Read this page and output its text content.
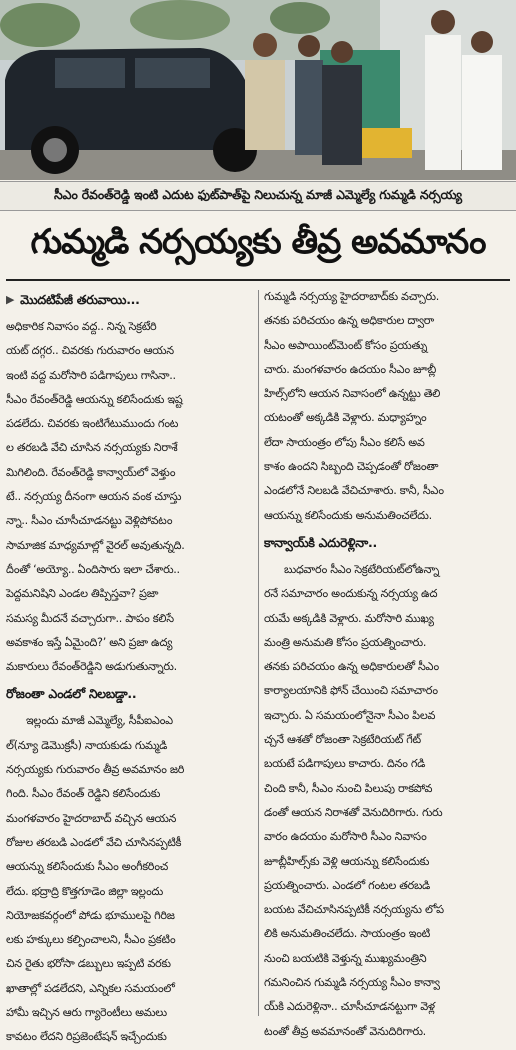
సీఎం రేవంత్‌రెడ్డి ఇంటి ఎదుట ఫుట్‌పాత్‌పై నిలుచున్న మాజీ ఎమ్మెల్యే గుమ్మడి నర్సయ్య
గుమ్మడి నర్సయ్యకు తీవ్ర అవమానం
▶ మొదటిపేజీ తరువాయి...
అధికారిక నివాసం వద్ద.. నిన్న సెక్రటేరి
యట్ దగ్గర.. చివరకు గురువారం ఆయన
ఇంటి వద్ద మరోసారి పడిగాపులు గాసినా..
సీఎం రేవంత్‌రెడ్డి ఆయన్ను కలిసేందుకు ఇష్ట
పడలేదు. చివరకు ఇంటిగేటుముందు గంట
ల తరబడి వేచి చూసిన నర్సయ్యకు నిరాశే
మిగిలింది. రేవంత్‌రెడ్డి కాన్వాయ్‌లో వెళ్తుం
టే.. నర్సయ్య దీనంగా ఆయన వంక చూస్తు
న్నా.. సీఎం చూసీచూడనట్టు వెళ్లిపోవటం
సామాజిక మాధ్యమాల్లో వైరల్ అవుతున్నది.
దీంతో ‘అయ్యో.. ఏందిసారు ఇలా చేశారు..
పెద్దమనిషిని ఎండల తిప్పిస్తవా? ప్రజా
సమస్య మీదనే వచ్చారుగా.. పాపం కలిసే
అవకాశం ఇస్తే ఏమైంది?’ అని ప్రజా ఉద్య
మకారులు రేవంత్‌రెడ్డిని అడుగుతున్నారు.
రోజంతా ఎండలో నిలబడ్డా..
ఇల్లందు మాజీ ఎమ్మెల్యే, సీపీఐఎంఎ
ల్(న్యూ డెమొక్రసీ) నాయకుడు గుమ్మడి
నర్సయ్యకు గురువారం తీవ్ర అవమానం జరి
గింది. సీఎం రేవంత్ రెడ్డిని కలిసేందుకు
మంగళవారం హైదరాబాద్ వచ్చిన ఆయన
రోజుల తరబడి ఎండలో వేచి చూసినప్పటికీ
ఆయన్ను కలిసేందుకు సీఎం అంగీకరించ
లేదు. భద్రాద్రి కొత్తగూడెం జిల్లా ఇల్లందు
నియోజకవర్గంలో పోడు భూములపై గిరిజ
లకు హక్కులు కల్పించాలని, సీఎం ప్రకటిం
చిన రైతు భరోసా డబ్బులు ఇప్పటి వరకు
ఖాతాల్లో పడలేదని, ఎన్నికల సమయంలో
హామీ ఇచ్చిన ఆరు గ్యారెంటీలు అమలు
కావటం లేదని రిప్రజెంటేషన్ ఇచ్చేందుకు
గుమ్మడి నర్సయ్య హైదరాబాద్‌కు వచ్చారు.
తనకు పరిచయం ఉన్న అధికారుల ద్వారా
సీఎం అపాయింట్‌మెంట్ కోసం ప్రయత్ను
చారు. మంగళవారం ఉదయం సీఎం జూబ్లీ
హిల్స్‌లోని ఆయన నివాసంలో ఉన్నట్టు తెలి
యటంతో అక్కడికి వెళ్లారు. మధ్యాహ్నం
లేదా సాయంత్రం లోపు సీఎం కలిసే అవ
కాశం ఉందని సిబ్బంది చెప్పడంతో రోజంతా
ఎండలోనే నిలబడి వేచిచూశారు. కానీ, సీఎం
ఆయన్ను కలిసేందుకు అనుమతించలేదు.
కాన్వాయ్‌కి ఎదురెళ్లినా..
బుధవారం సీఎం సెక్రటేరియట్‌లోఉన్నా
రనే సమాచారం అందుకున్న నర్సయ్య ఉద
యమే అక్కడికి వెళ్లారు. మరోసారి ముఖ్య
మంత్రి అనుమతి కోసం ప్రయత్నించారు.
తనకు పరిచయం ఉన్న అధికారులతో సీఎం
కార్యాలయానికి ఫోన్ చేయించి సమాచారం
ఇచ్చారు. ఏ సమయంలోనైనా సీఎం పిలవ
చ్చనే ఆశతో రోజంతా సెక్రటేరియట్ గేట్
బయటే పడిగాపులు కాచారు. దినం గడి
చింది కానీ, సీఎం నుంచి పిలుపు రాకపోవ
డంతో ఆయన నిరాశతో వెనుదిరిగారు. గురు
వారం ఉదయం మరోసారి సీఎం నివాసం
జూబ్లీహిల్స్‌కు వెళ్లి ఆయన్ను కలిసేందుకు
ప్రయత్నించారు. ఎండలో గంటల తరబడి
బయట వేచిచూసినప్పటికీ నర్సయ్యను లోప
లికి అనుమతించలేదు. సాయంత్రం ఇంటి
నుంచి బయటికి వెళ్తున్న ముఖ్యమంత్రిని
గమనించిన గుమ్మడి నర్సయ్య సీఎం కాన్వా
య్‌కి ఎదురెళ్లినా.. చూసీచూడనట్టుగా వెళ్ల
టంతో తీవ్ర అవమానంతో వెనుదిరిగారు.
